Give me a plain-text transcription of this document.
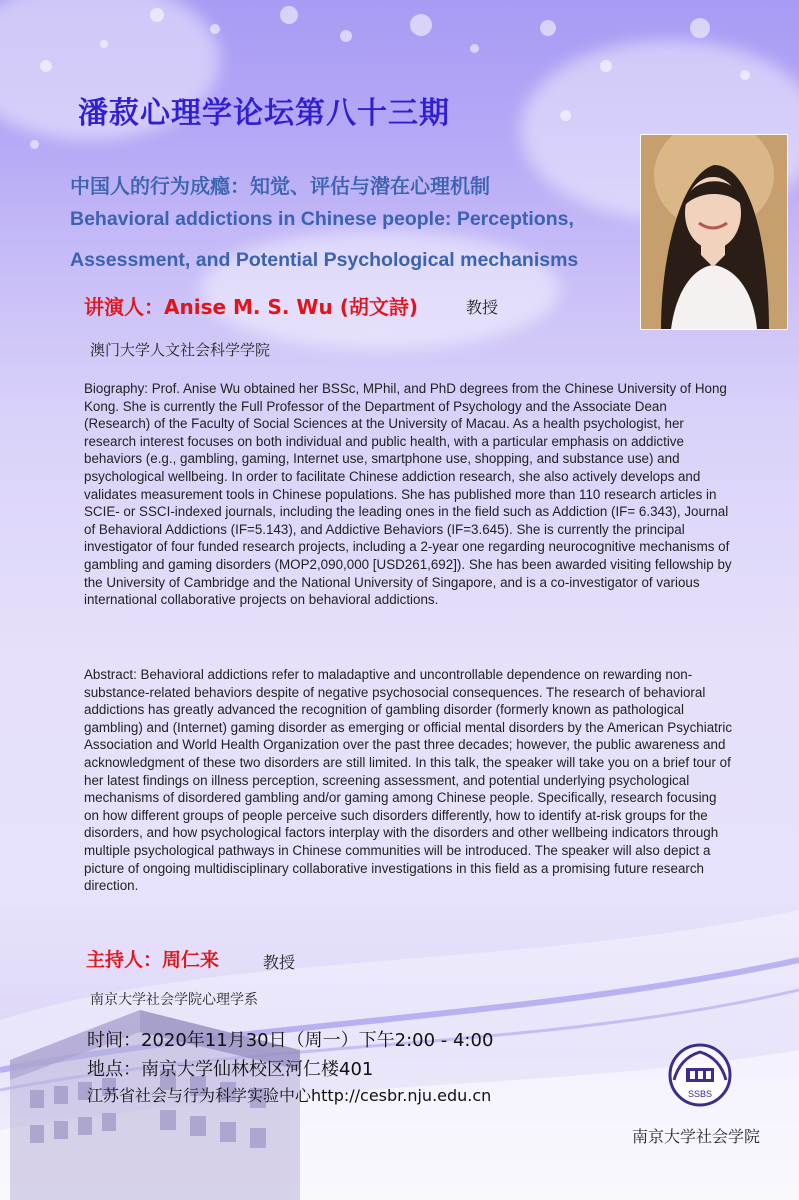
潘菽心理学论坛第八十三期
中国人的行为成瘾：知觉、评估与潜在心理机制
Behavioral addictions in Chinese people: Perceptions,
Assessment, and Potential Psychological mechanisms
讲演人：Anise M. S. Wu (胡文詩)	教授
澳门大学人文社会科学学院
Biography: Prof. Anise Wu obtained her BSSc, MPhil, and PhD degrees from the Chinese University of Hong Kong. She is currently the Full Professor of the Department of Psychology and the Associate Dean (Research) of the Faculty of Social Sciences at the University of Macau. As a health psychologist, her research interest focuses on both individual and public health, with a particular emphasis on addictive behaviors (e.g., gambling, gaming, Internet use, smartphone use, shopping, and substance use) and psychological wellbeing. In order to facilitate Chinese addiction research, she also actively develops and validates measurement tools in Chinese populations. She has published more than 110 research articles in SCIE- or SSCI-indexed journals, including the leading ones in the field such as Addiction (IF= 6.343), Journal of Behavioral Addictions (IF=5.143), and Addictive Behaviors (IF=3.645). She is currently the principal investigator of four funded research projects, including a 2-year one regarding neurocognitive mechanisms of gambling and gaming disorders (MOP2,090,000 [USD261,692]). She has been awarded visiting fellowship by the University of Cambridge and the National University of Singapore, and is a co-investigator of various international collaborative projects on behavioral addictions.
Abstract: Behavioral addictions refer to maladaptive and uncontrollable dependence on rewarding non-substance-related behaviors despite of negative psychosocial consequences. The research of behavioral addictions has greatly advanced the recognition of gambling disorder (formerly known as pathological gambling) and (Internet) gaming disorder as emerging or official mental disorders by the American Psychiatric Association and World Health Organization over the past three decades; however, the public awareness and acknowledgment of these two disorders are still limited. In this talk, the speaker will take you on a brief tour of her latest findings on illness perception, screening assessment, and potential underlying psychological mechanisms of disordered gambling and/or gaming among Chinese people. Specifically, research focusing on how different groups of people perceive such disorders differently, how to identify at-risk groups for the disorders, and how psychological factors interplay with the disorders and other wellbeing indicators through multiple psychological pathways in Chinese communities will be introduced. The speaker will also depict a picture of ongoing multidisciplinary collaborative investigations in this field as a promising future research direction.
主持人：周仁来	教授
南京大学社会学院心理学系
时间：2020年11月30日（周一）下午2:00 - 4:00
地点：南京大学仙林校区河仁楼401
江苏省社会与行为科学实验中心http://cesbr.nju.edu.cn	SSBS
南京大学社会学院
